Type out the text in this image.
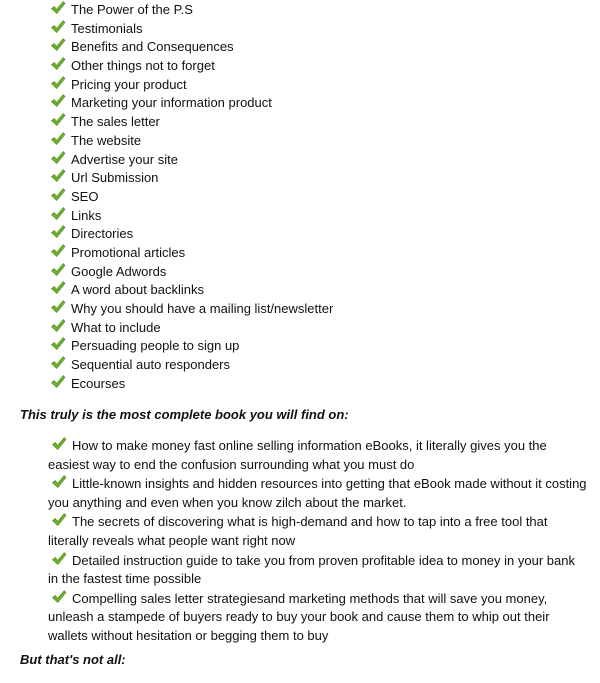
The Power of the P.S
Testimonials
Benefits and Consequences
Other things not to forget
Pricing your product
Marketing your information product
The sales letter
The website
Advertise your site
Url Submission
SEO
Links
Directories
Promotional articles
Google Adwords
A word about backlinks
Why you should have a mailing list/newsletter
What to include
Persuading people to sign up
Sequential auto responders
Ecourses

This truly is the most complete book you will find on:

How to make money fast online selling information eBooks, it literally gives you the easiest way to end the confusion surrounding what you must do
Little-known insights and hidden resources into getting that eBook made without it costing you anything and even when you know zilch about the market.
The secrets of discovering what is high-demand and how to tap into a free tool that literally reveals what people want right now
Detailed instruction guide to take you from proven profitable idea to money in your bank in the fastest time possible
Compelling sales letter strategiesand marketing methods that will save you money, unleash a stampede of buyers ready to buy your book and cause them to whip out their wallets without hesitation or begging them to buy

But that's not all:
